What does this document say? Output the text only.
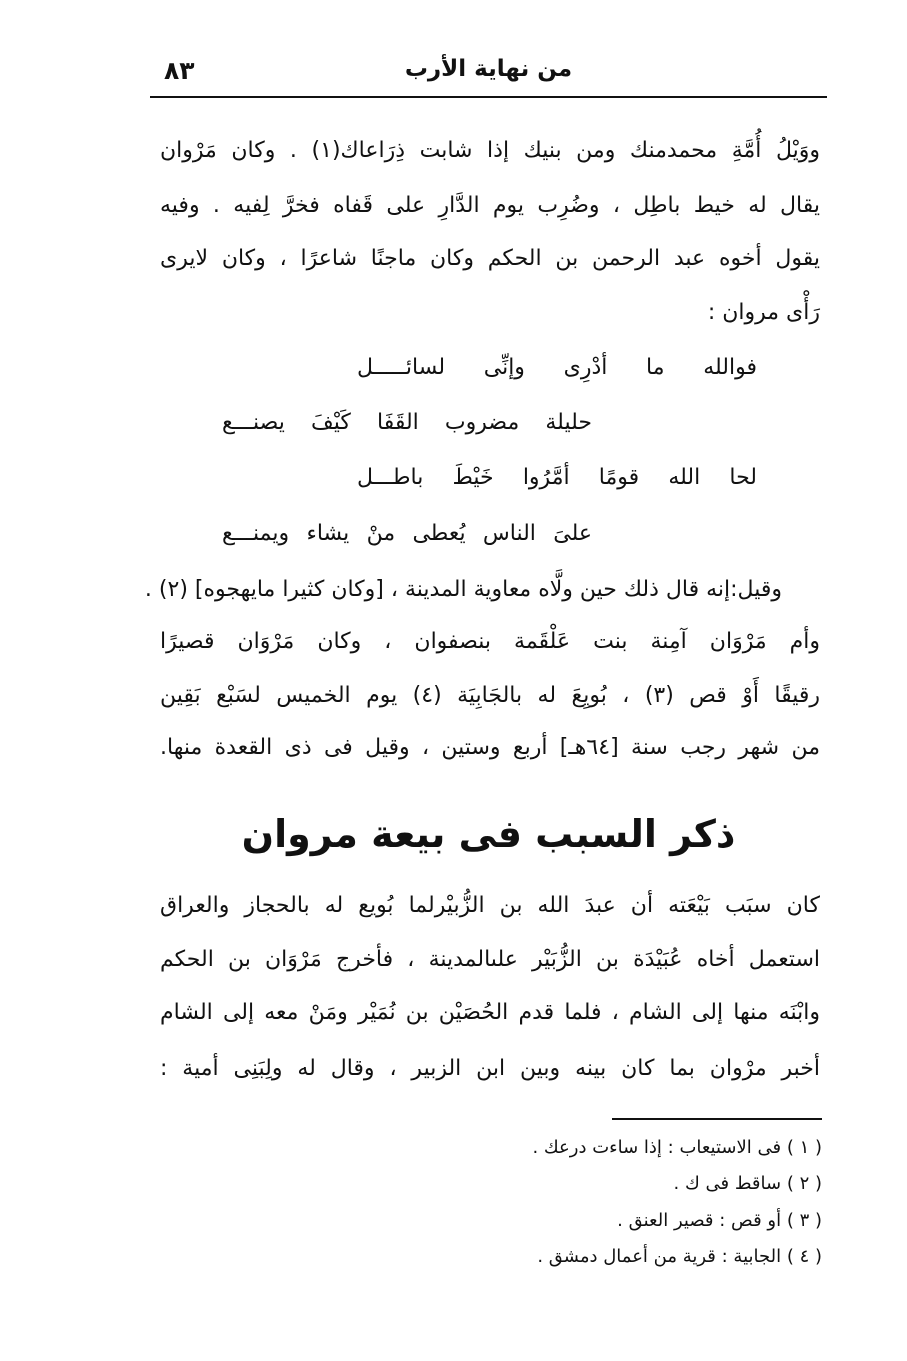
٨٣	من نهاية الأرب
ووَيْلُ أُمَّةِ محمدمنك ومن بنيك إذا شابت ذِرَاعاك(١) . وكان مَرْوان
يقال له خيط باطِل ، وضُرِب يوم الدَّارِ على قَفاه فخرَّ لِفيه . وفيه
يقول أخوه عبد الرحمن بن الحكم وكان ماجنًا شاعرًا ، وكان لايرى
رَأْى مروان :
فوالله ما أدْرِى وإنِّى لسائـــــل
حليلة مضروب القَفَا كَيْفَ يصنـــع
لحا الله قومًا أمَّرُوا خَيْطَ باطـــل
علىَ الناس يُعطى منْ يشاء ويمنـــع
وقيل:إنه قال ذلك حين ولَّاه معاوية المدينة ، [وكان كثيرا مايهجوه] (٢) .
وأم مَرْوَان آمِنة بنت عَلْقَمة بنصفوان ، وكان مَرْوَان قصيرًا
رقيقًا أَوْ قص (٣) ، بُويِعَ له بالجَابِيَة (٤) يوم الخميس لسَبْع بَقِين
من شهر رجب سنة [٦٤هـ] أربع وستين ، وقيل فى ذى القعدة منها.
ذكر السبب فى بيعة مروان
كان سبَب بَيْعَته أن عبدَ الله بن الزُّبيْرلما بُويع له بالحجاز والعراق
استعمل أخاه عُبَيْدَة بن الزُّبَيْر علىالمدينة ، فأخرج مَرْوَان بن الحكم
وابْنَه منها إلى الشام ، فلما قدم الحُصَيْن بن نُمَيْر ومَنْ معه إلى الشام
أخبر مرْوان بما كان بينه وبين ابن الزبير ، وقال له ولِبَنِى أمية :
( ١ ) فى الاستيعاب : إذا ساءت درعك .
( ٢ ) ساقط فى ك .
( ٣ ) أو قص : قصير العنق .
( ٤ ) الجابية : قرية من أعمال دمشق .
